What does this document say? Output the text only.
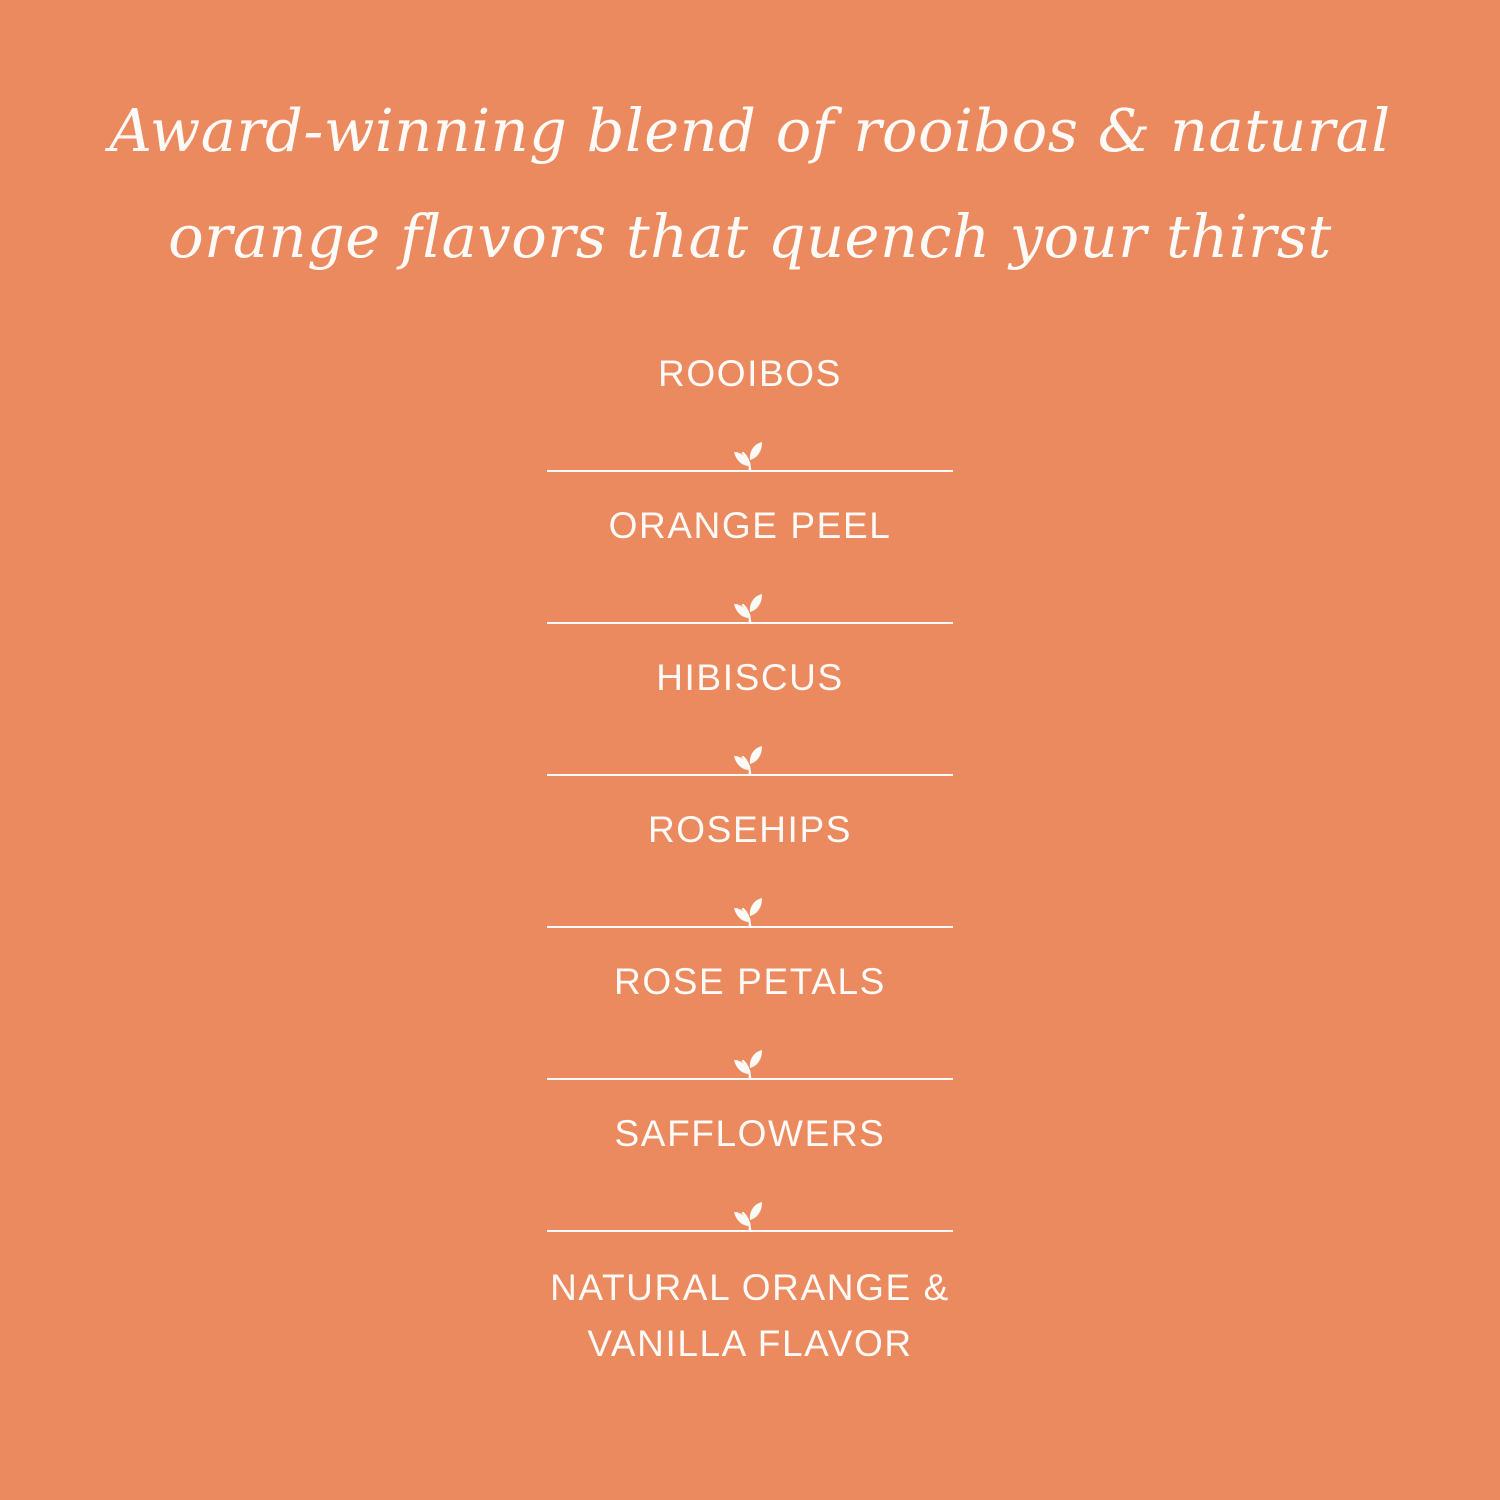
Award-winning blend of rooibos & natural
orange flavors that quench your thirst
ROOIBOS
ORANGE PEEL
HIBISCUS
ROSEHIPS
ROSE PETALS
SAFFLOWERS
NATURAL ORANGE &
VANILLA FLAVOR
